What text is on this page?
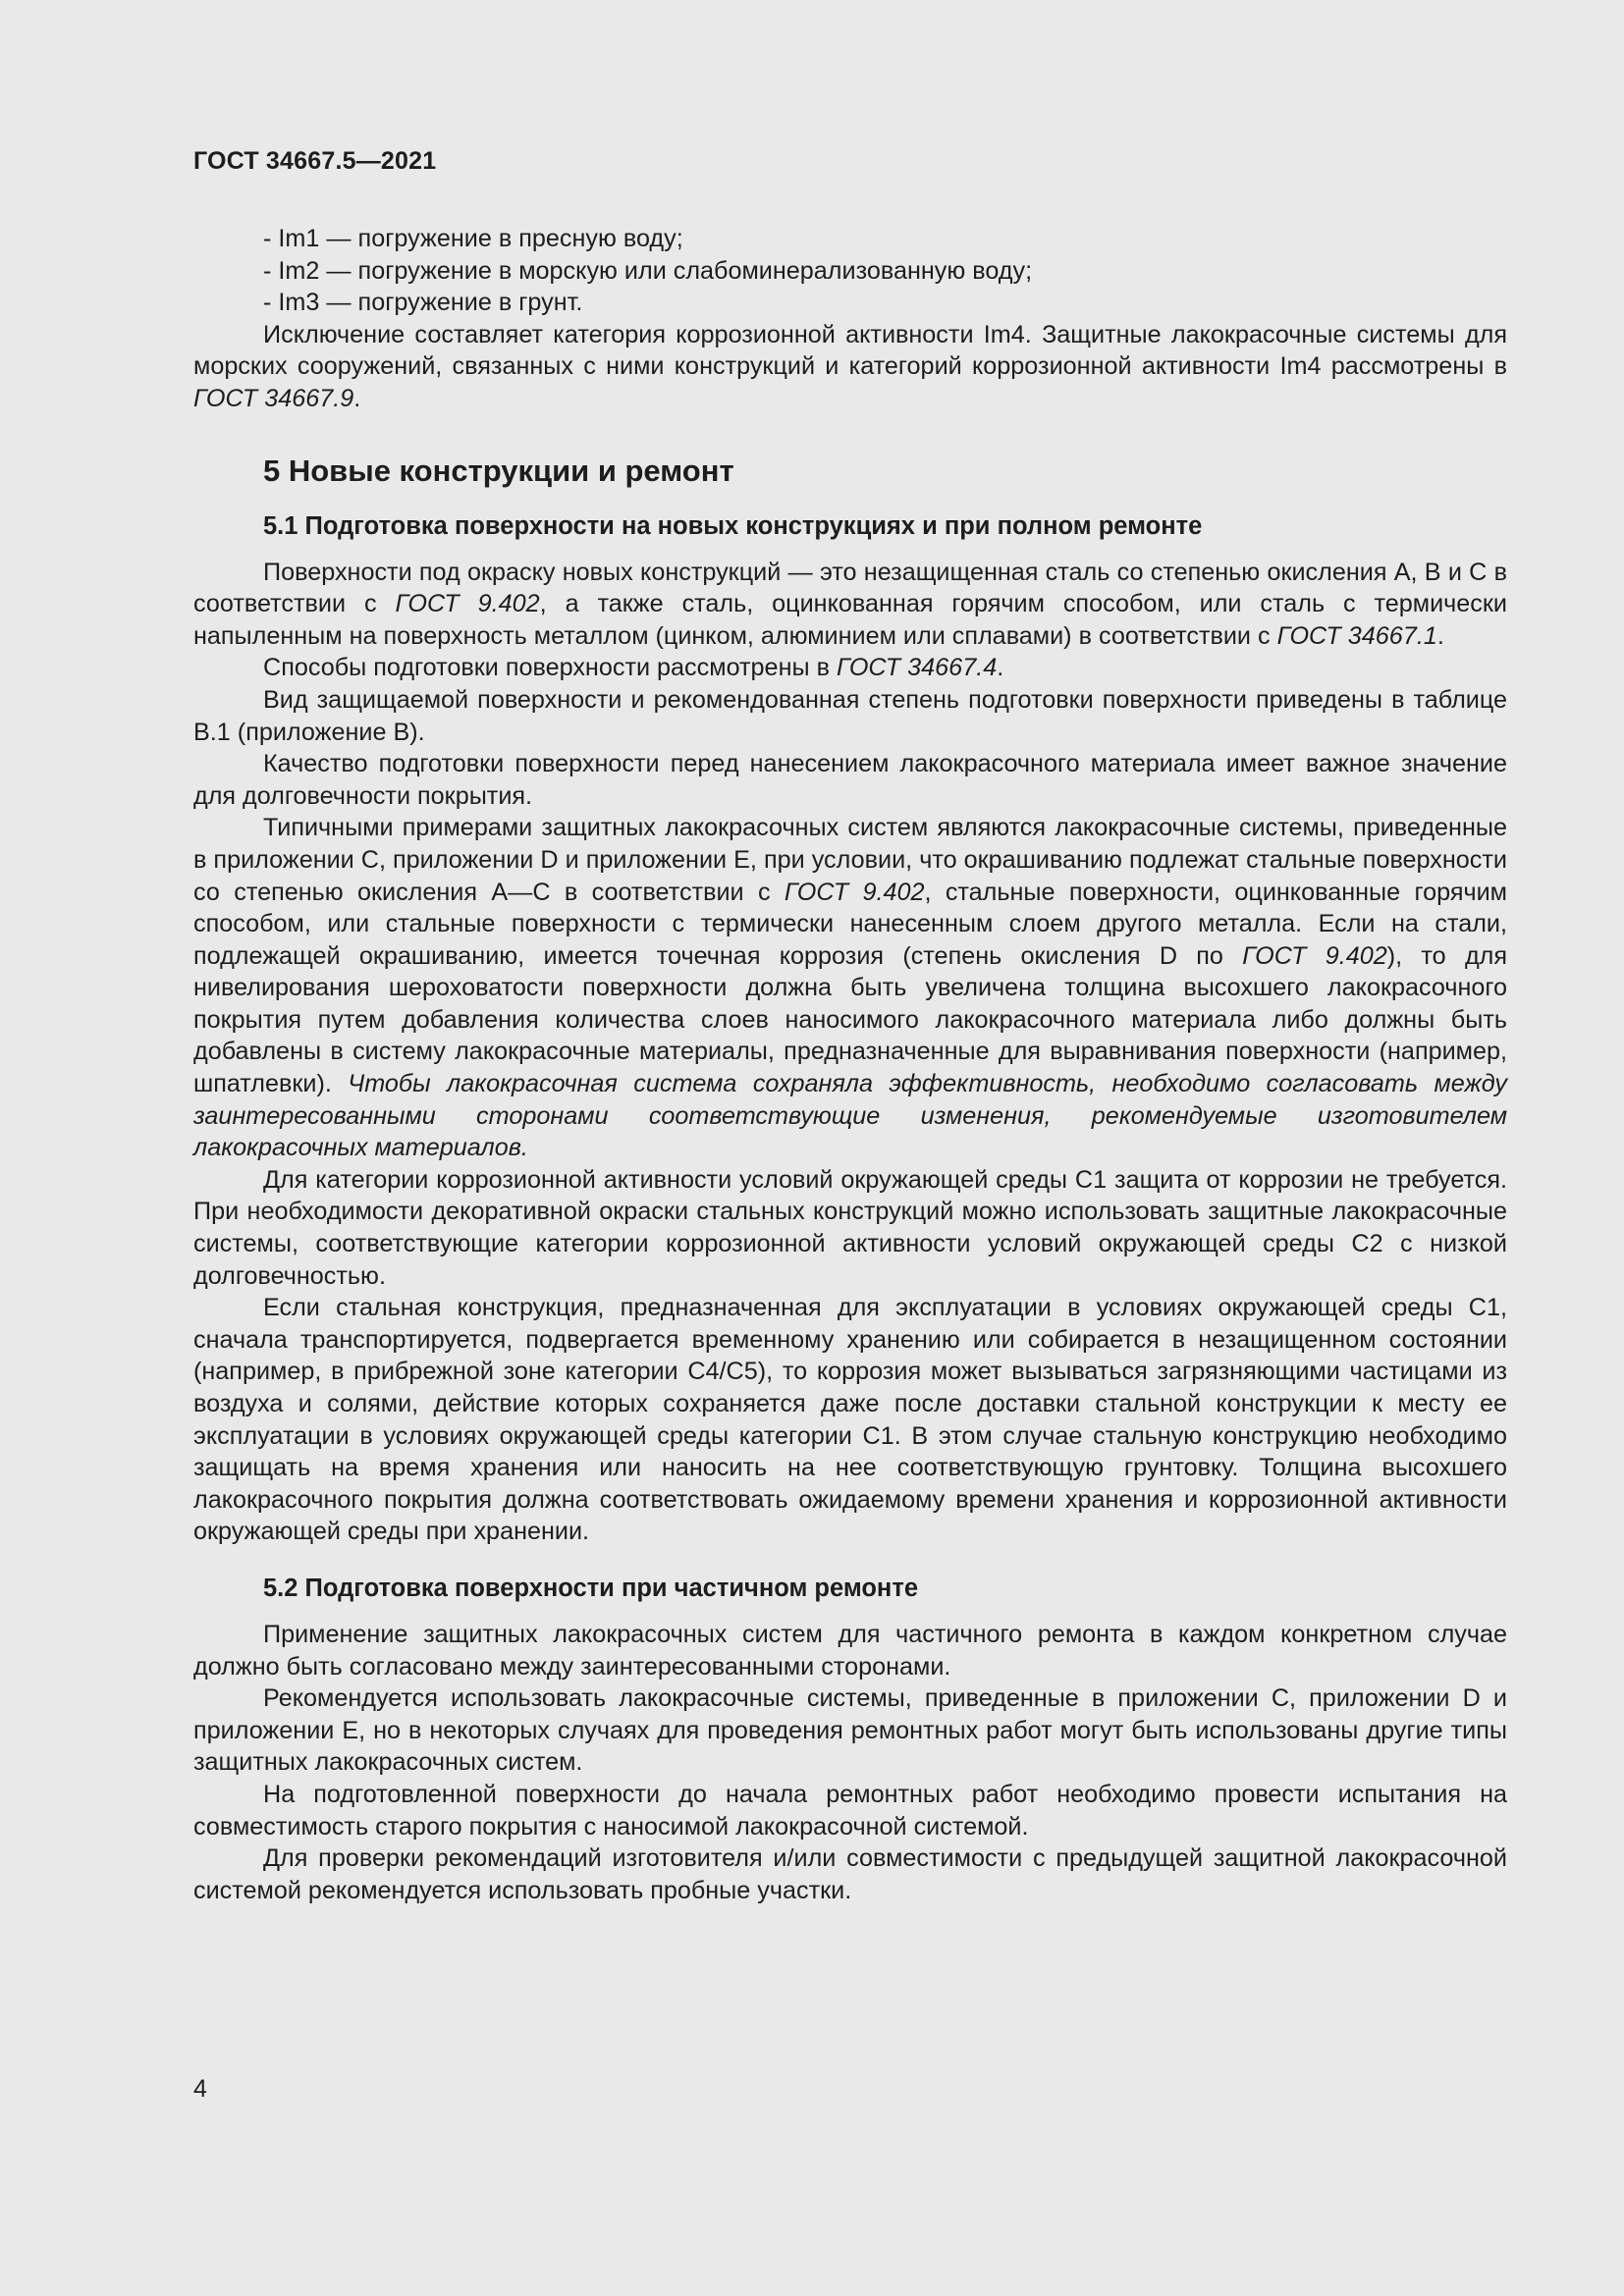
ГОСТ 34667.5—2021

- Im1 — погружение в пресную воду;

- Im2 — погружение в морскую или слабоминерализованную воду;

- Im3 — погружение в грунт.

Исключение составляет категория коррозионной активности Im4. Защитные лакокрасочные системы для морских сооружений, связанных с ними конструкций и категорий коррозионной активности Im4 рассмотрены в ГОСТ 34667.9.

5 Новые конструкции и ремонт
5.1 Подготовка поверхности на новых конструкциях и при полном ремонте

Поверхности под окраску новых конструкций — это незащищенная сталь со степенью окисления А, В и С в соответствии с ГОСТ 9.402, а также сталь, оцинкованная горячим способом, или сталь с термически напыленным на поверхность металлом (цинком, алюминием или сплавами) в соответствии с ГОСТ 34667.1.

Способы подготовки поверхности рассмотрены в ГОСТ 34667.4.

Вид защищаемой поверхности и рекомендованная степень подготовки поверхности приведены в таблице В.1 (приложение В).

Качество подготовки поверхности перед нанесением лакокрасочного материала имеет важное значение для долговечности покрытия.

Типичными примерами защитных лакокрасочных систем являются лакокрасочные системы, приведенные в приложении С, приложении D и приложении Е, при условии, что окрашиванию подлежат стальные поверхности со степенью окисления А—С в соответствии с ГОСТ 9.402, стальные поверхности, оцинкованные горячим способом, или стальные поверхности с термически нанесенным слоем другого металла. Если на стали, подлежащей окрашиванию, имеется точечная коррозия (степень окисления D по ГОСТ 9.402), то для нивелирования шероховатости поверхности должна быть увеличена толщина высохшего лакокрасочного покрытия путем добавления количества слоев наносимого лакокрасочного материала либо должны быть добавлены в систему лакокрасочные материалы, предназначенные для выравнивания поверхности (например, шпатлевки). Чтобы лакокрасочная система сохраняла эффективность, необходимо согласовать между заинтересованными сторонами соответствующие изменения, рекомендуемые изготовителем лакокрасочных материалов.

Для категории коррозионной активности условий окружающей среды С1 защита от коррозии не требуется. При необходимости декоративной окраски стальных конструкций можно использовать защитные лакокрасочные системы, соответствующие категории коррозионной активности условий окружающей среды С2 с низкой долговечностью.

Если стальная конструкция, предназначенная для эксплуатации в условиях окружающей среды С1, сначала транспортируется, подвергается временному хранению или собирается в незащищенном состоянии (например, в прибрежной зоне категории С4/С5), то коррозия может вызываться загрязняющими частицами из воздуха и солями, действие которых сохраняется даже после доставки стальной конструкции к месту ее эксплуатации в условиях окружающей среды категории С1. В этом случае стальную конструкцию необходимо защищать на время хранения или наносить на нее соответствующую грунтовку. Толщина высохшего лакокрасочного покрытия должна соответствовать ожидаемому времени хранения и коррозионной активности окружающей среды при хранении.

5.2 Подготовка поверхности при частичном ремонте

Применение защитных лакокрасочных систем для частичного ремонта в каждом конкретном случае должно быть согласовано между заинтересованными сторонами.

Рекомендуется использовать лакокрасочные системы, приведенные в приложении С, приложении D и приложении Е, но в некоторых случаях для проведения ремонтных работ могут быть использованы другие типы защитных лакокрасочных систем.

На подготовленной поверхности до начала ремонтных работ необходимо провести испытания на совместимость старого покрытия с наносимой лакокрасочной системой.

Для проверки рекомендаций изготовителя и/или совместимости с предыдущей защитной лакокрасочной системой рекомендуется использовать пробные участки.

4
